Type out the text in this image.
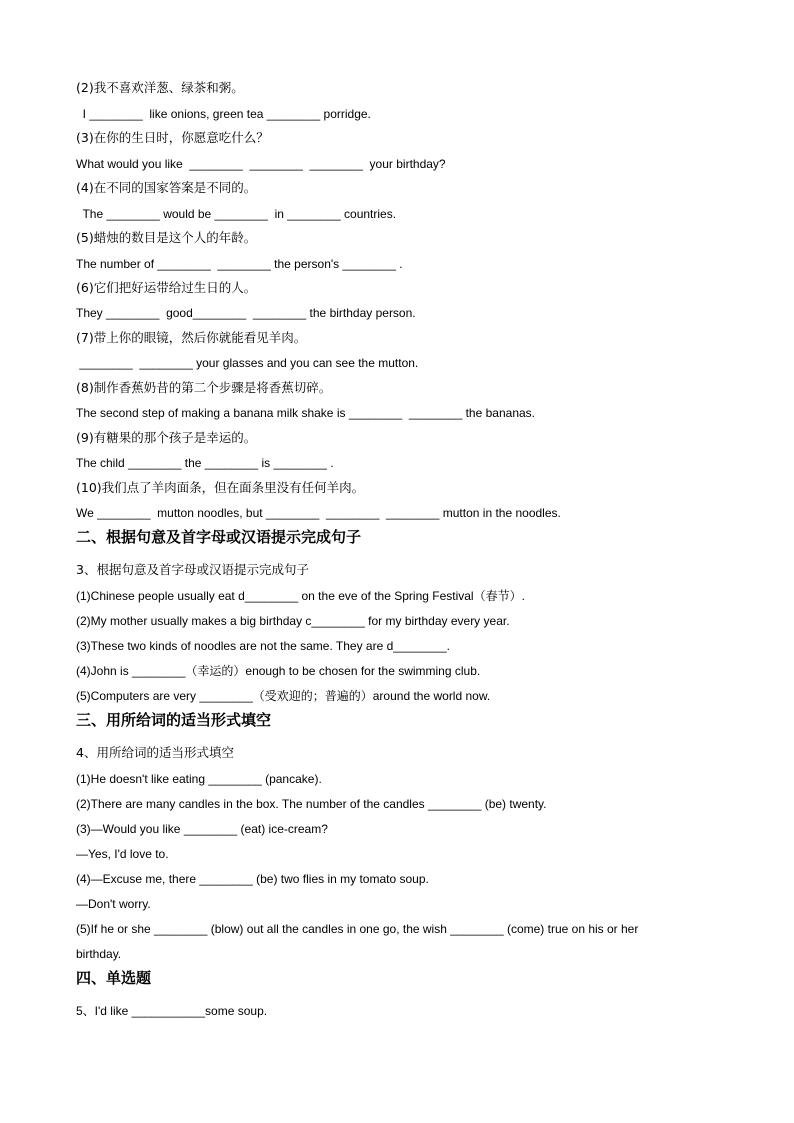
(2)我不喜欢洋葱、绿茶和粥。
I ________  like onions, green tea ________ porridge.
(3)在你的生日时，你愿意吃什么？
What would you like  ________  ________  ________  your birthday?
(4)在不同的国家答案是不同的。
The ________ would be ________  in ________ countries.
(5)蜡烛的数目是这个人的年龄。
The number of ________  ________ the person's ________ .
(6)它们把好运带给过生日的人。
They ________  good________  ________ the birthday person.
(7)带上你的眼镜，然后你就能看见羊肉。
________  ________ your glasses and you can see the mutton.
(8)制作香蕉奶昔的第二个步骤是将香蕉切碎。
The second step of making a banana milk shake is ________  ________ the bananas.
(9)有糖果的那个孩子是幸运的。
The child ________ the ________ is ________ .
(10)我们点了羊肉面条，但在面条里没有任何羊肉。
We ________  mutton noodles, but ________  ________  ________ mutton in the noodles.
二、根据句意及首字母或汉语提示完成句子
3、根据句意及首字母或汉语提示完成句子
(1)Chinese people usually eat d________ on the eve of the Spring Festival（春节）.
(2)My mother usually makes a big birthday c________ for my birthday every year.
(3)These two kinds of noodles are not the same. They are d________.
(4)John is ________（幸运的）enough to be chosen for the swimming club.
(5)Computers are very ________（受欢迎的；普遍的）around the world now.
三、用所给词的适当形式填空
4、用所给词的适当形式填空
(1)He doesn't like eating ________ (pancake).
(2)There are many candles in the box. The number of the candles ________ (be) twenty.
(3)—Would you like ________ (eat) ice-cream?
—Yes, I'd love to.
(4)—Excuse me, there ________ (be) two flies in my tomato soup.
—Don't worry.
(5)If he or she ________ (blow) out all the candles in one go, the wish ________ (come) true on his or her
birthday.
四、单选题
5、I'd like ___________some soup.
